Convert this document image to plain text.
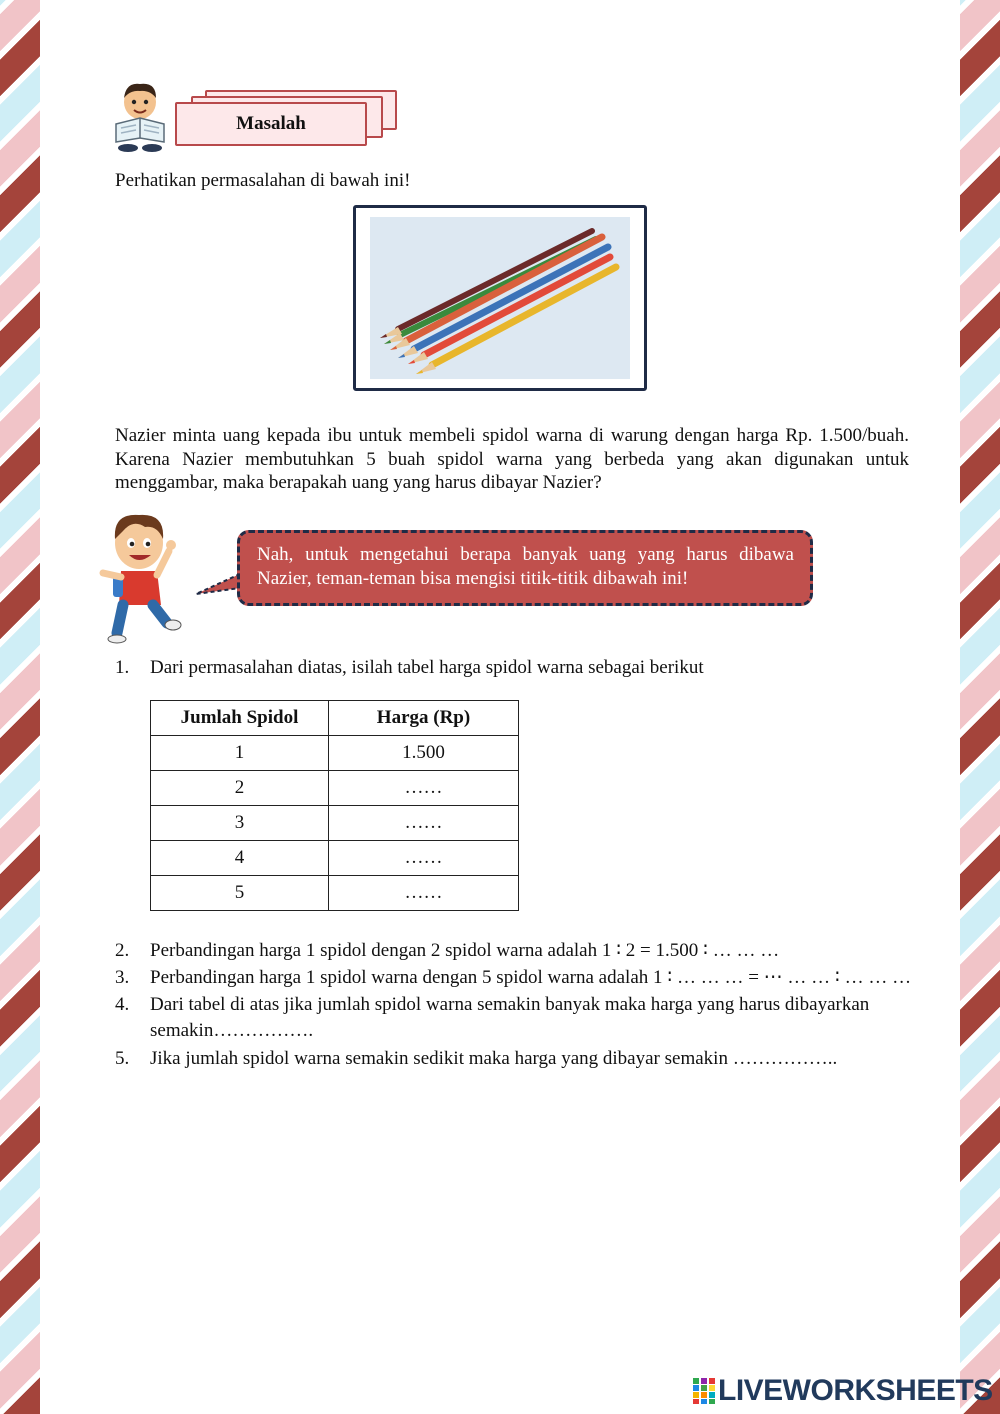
Masalah
Perhatikan permasalahan di bawah ini!
Nazier minta uang kepada ibu untuk membeli spidol warna di warung dengan harga Rp. 1.500/buah. Karena Nazier membutuhkan 5 buah spidol warna yang berbeda yang akan digunakan untuk menggambar, maka berapakah uang yang harus dibayar Nazier?
Nah, untuk mengetahui berapa banyak uang yang harus dibawa Nazier, teman-teman bisa mengisi titik-titik dibawah ini!
1. Dari permasalahan diatas, isilah tabel harga spidol warna sebagai berikut
Jumlah Spidol	Harga (Rp)
1	1.500
2	……
3	……
4	……
5	……
2. Perbandingan harga 1 spidol dengan 2 spidol warna adalah 1 ∶ 2 = 1.500 ∶ … … …
3. Perbandingan harga 1 spidol warna dengan 5 spidol warna adalah 1 ∶ … … … = ⋯ … … ∶ … … …
4. Dari tabel di atas jika jumlah spidol warna semakin banyak maka harga yang harus dibayarkan
semakin…………….
5. Jika jumlah spidol warna semakin sedikit maka harga yang dibayar semakin ……………..
LIVEWORKSHEETS
